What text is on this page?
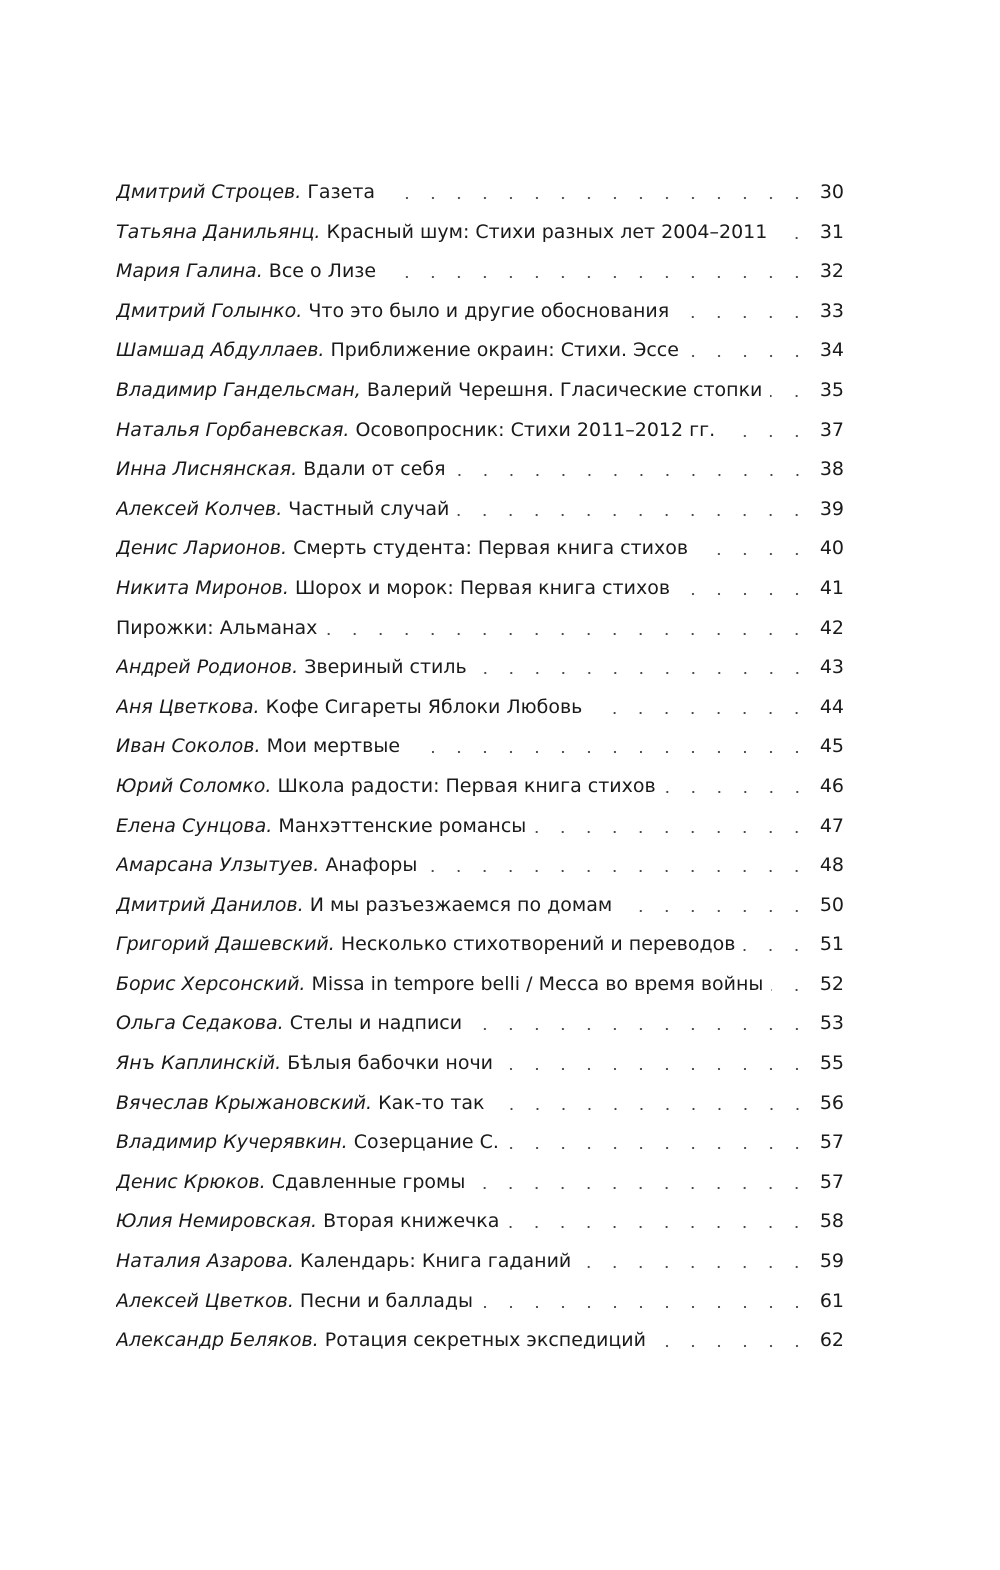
Дмитрий Строцев. Газета	30
Татьяна Данильянц. Красный шум: Стихи разных лет 2004–2011	31
Мария Галина. Все о Лизе	32
Дмитрий Голынко. Что это было и другие обоснования	33
Шамшад Абдуллаев. Приближение окраин: Стихи. Эссе	34
Владимир Гандельсман, Валерий Черешня. Гласические стопки	35
Наталья Горбаневская. Осовопросник: Стихи 2011–2012 гг.	37
Инна Лиснянская. Вдали от себя	38
Алексей Колчев. Частный случай	39
Денис Ларионов. Смерть студента: Первая книга стихов	40
Никита Миронов. Шорох и морок: Первая книга стихов	41
Пирожки: Альманах	42
Андрей Родионов. Звериный стиль	43
Аня Цветкова. Кофе Сигареты Яблоки Любовь	44
Иван Соколов. Мои мертвые	45
Юрий Соломко. Школа радости: Первая книга стихов	46
Елена Сунцова. Манхэттенские романсы	47
Амарсана Улзытуев. Анафоры	48
Дмитрий Данилов. И мы разъезжаемся по домам	50
Григорий Дашевский. Несколько стихотворений и переводов	51
Борис Херсонский. Missa in tempore belli / Месса во время войны	52
Ольга Седакова. Стелы и надписи	53
Янъ Каплинскiй. Бѣлыя бабочки ночи	55
Вячеслав Крыжановский. Как-то так	56
Владимир Кучерявкин. Созерцание С.	57
Денис Крюков. Сдавленные громы	57
Юлия Немировская. Вторая книжечка	58
Наталия Азарова. Календарь: Книга гаданий	59
Алексей Цветков. Песни и баллады	61
Александр Беляков. Ротация секретных экспедиций	62
